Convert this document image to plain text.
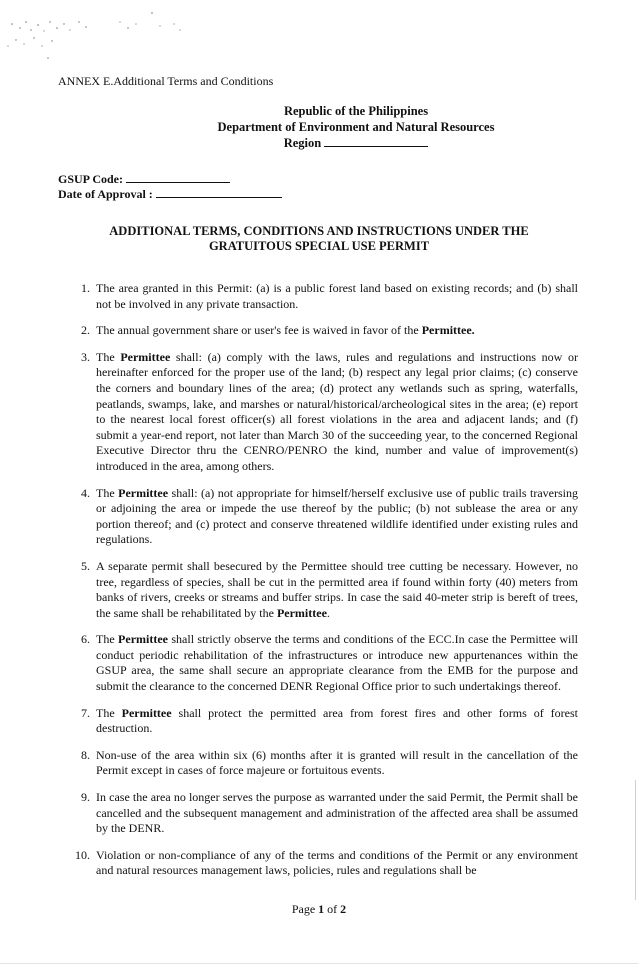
ANNEX E.Additional Terms and Conditions
Republic of the Philippines
Department of Environment and Natural Resources
Region
GSUP Code:
Date of Approval :
ADDITIONAL TERMS, CONDITIONS AND INSTRUCTIONS UNDER THE
GRATUITOUS SPECIAL USE PERMIT
1. The area granted in this Permit: (a) is a public forest land based on existing records; and (b) shall not be involved in any private transaction.
2. The annual government share or user's fee is waived in favor of the Permittee.
3. The Permittee shall: (a) comply with the laws, rules and regulations and instructions now or hereinafter enforced for the proper use of the land; (b) respect any legal prior claims; (c) conserve the corners and boundary lines of the area; (d) protect any wetlands such as spring, waterfalls, peatlands, swamps, lake, and marshes or natural/historical/archeological sites in the area; (e) report to the nearest local forest officer(s) all forest violations in the area and adjacent lands; and (f) submit a year-end report, not later than March 30 of the succeeding year, to the concerned Regional Executive Director thru the CENRO/PENRO the kind, number and value of improvement(s) introduced in the area, among others.
4. The Permittee shall: (a) not appropriate for himself/herself exclusive use of public trails traversing or adjoining the area or impede the use thereof by the public; (b) not sublease the area or any portion thereof; and (c) protect and conserve threatened wildlife identified under existing rules and regulations.
5. A separate permit shall besecured by the Permittee should tree cutting be necessary. However, no tree, regardless of species, shall be cut in the permitted area if found within forty (40) meters from banks of rivers, creeks or streams and buffer strips. In case the said 40-meter strip is bereft of trees, the same shall be rehabilitated by the Permittee.
6. The Permittee shall strictly observe the terms and conditions of the ECC.In case the Permittee will conduct periodic rehabilitation of the infrastructures or introduce new appurtenances within the GSUP area, the same shall secure an appropriate clearance from the EMB for the purpose and submit the clearance to the concerned DENR Regional Office prior to such undertakings thereof.
7. The Permittee shall protect the permitted area from forest fires and other forms of forest destruction.
8. Non-use of the area within six (6) months after it is granted will result in the cancellation of the Permit except in cases of force majeure or fortuitous events.
9. In case the area no longer serves the purpose as warranted under the said Permit, the Permit shall be cancelled and the subsequent management and administration of the affected area shall be assumed by the DENR.
10. Violation or non-compliance of any of the terms and conditions of the Permit or any environment and natural resources management laws, policies, rules and regulations shall be
Page 1 of 2
